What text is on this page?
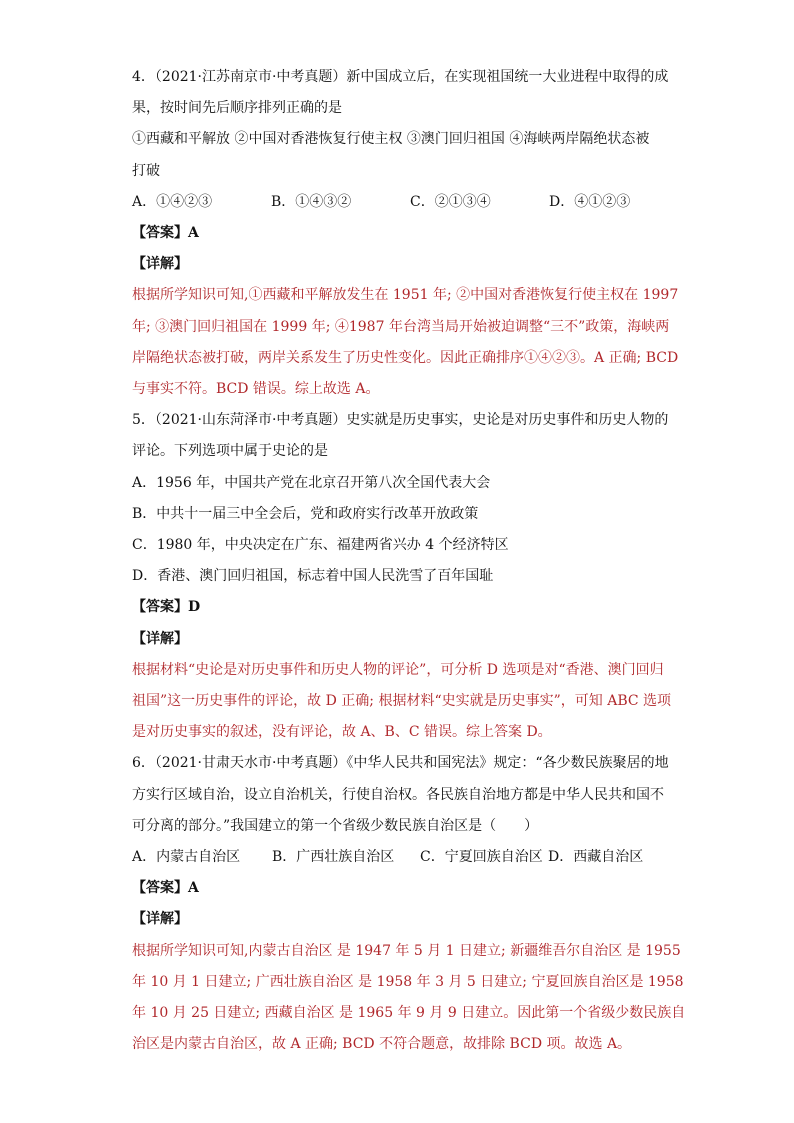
4．（2021·江苏南京市·中考真题）新中国成立后，在实现祖国统一大业进程中取得的成
果，按时间先后顺序排列正确的是
①西藏和平解放 ②中国对香港恢复行使主权 ③澳门回归祖国 ④海峡两岸隔绝状态被
打破
A．①④②③	B．①④③②	C．②①③④	D．④①②③
【答案】A
【详解】
根据所学知识可知,①西藏和平解放发生在 1951 年; ②中国对香港恢复行使主权在 1997
年; ③澳门回归祖国在 1999 年; ④1987 年台湾当局开始被迫调整“三不”政策，海峡两
岸隔绝状态被打破，两岸关系发生了历史性变化。因此正确排序①④②③。A 正确; BCD
与事实不符。BCD 错误。综上故选 A。
5．（2021·山东菏泽市·中考真题）史实就是历史事实，史论是对历史事件和历史人物的
评论。下列选项中属于史论的是
A．1956 年，中国共产党在北京召开第八次全国代表大会
B．中共十一届三中全会后，党和政府实行改革开放政策
C．1980 年，中央决定在广东、福建两省兴办 4 个经济特区
D．香港、澳门回归祖国，标志着中国人民洗雪了百年国耻
【答案】D
【详解】
根据材料“史论是对历史事件和历史人物的评论”，可分析 D 选项是对“香港、澳门回归
祖国”这一历史事件的评论，故 D 正确; 根据材料“史实就是历史事实”，可知 ABC 选项
是对历史事实的叙述，没有评论，故 A、B、C 错误。综上答案 D。
6．（2021·甘肃天水市·中考真题）《中华人民共和国宪法》规定：“各少数民族聚居的地
方实行区域自治，设立自治机关，行使自治权。各民族自治地方都是中华人民共和国不
可分离的部分。”我国建立的第一个省级少数民族自治区是（　　）
A．内蒙古自治区	B．广西壮族自治区	C．宁夏回族自治区 D．西藏自治区
【答案】A
【详解】
根据所学知识可知,内蒙古自治区 是 1947 年 5 月 1 日建立; 新疆维吾尔自治区 是 1955
年 10 月 1 日建立; 广西壮族自治区 是 1958 年 3 月 5 日建立; 宁夏回族自治区是 1958
年 10 月 25 日建立; 西藏自治区 是 1965 年 9 月 9 日建立。因此第一个省级少数民族自
治区是内蒙古自治区，故 A 正确; BCD 不符合题意，故排除 BCD 项。故选 A。
